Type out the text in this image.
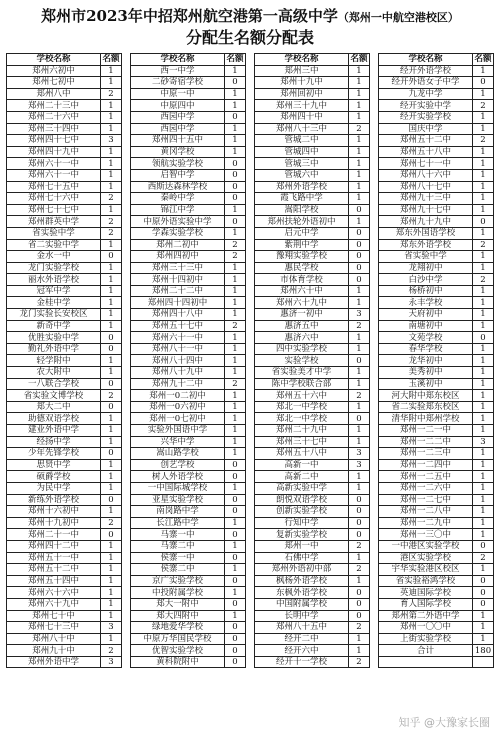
郑州市2023年中招郑州航空港第一高级中学（郑州一中航空港校区）
分配生名额分配表
学校名称	名额
郑州六初中	1
郑州七初中	1
郑州八中	2
郑州二十三中	1
郑州二十六中	1
郑州三十四中	1
郑州四十七中	3
郑州四十九中	1
郑州六十一中	1
郑州六十一中	1
郑州七十五中	1
郑州七十六中	2
郑州七十七中	1
郑州群英中学	2
省实验中学	2
省二实验中学	1
金水一中	0
龙门实验学校	1
丽水外语学校	1
冠军中学	1
金桂中学	1
龙门实验长安校区	1
新奇中学	1
优胜实验中学	0
勤礼外语中学	0
轻学附中	1
农大附中	1
一八联合学校	0
省实验文博学校	2
郑大二中	0
助德双语学校	1
建业外语中学	1
经扬中学	1
少年先锋学校	0
思贤中学	1
硕爵学校	1
为民中学	1
新练外语学校	0
郑州十六初中	1
郑州十九初中	2
郑州二十一中	0
郑州四十二中	1
郑州五十一中	1
郑州五十二中	1
郑州五十四中	1
郑州六十六中	1
郑州六十九中	1
郑州七十中	1
郑州七十三中	3
郑州八十中	1
郑州九十中	2
郑州外语中学	3
学校名称	名额
西一中学	1
二砂寄宿学校	0
中原一中	1
中原四中	1
西园中学	0
西园中学	1
郑州四十五中	1
黄冈学校	1
领航实验学校	0
启智中学	0
西斯达森林学校	0
秦岭中学	0
锦江中学	1
中原外语实验中学	0
学森实验学校	1
郑州二初中	2
郑州四初中	2
郑州三十三中	1
郑州十四初中	1
郑州二十二中	1
郑州四十四初中	1
郑州四十八中	1
郑州五十七中	2
郑州六十一中	1
郑州八十一中	1
郑州八十四中	1
郑州八十九中	1
郑州九十二中	2
郑州一0二初中	1
郑州一0六初中	1
郑州一0七初中	1
实验外国语中学	1
兴华中学	1
嵩山路学校	1
创艺学校	0
树人外语学校	0
一中国际城学校	1
亚星实验学校	0
南岗路中学	0
长江路中学	1
马寨一中	0
马寨二中	1
侯寨一中	0
侯寨二中	1
京广实验学校	0
中投附属学校	1
郑大一附中	0
郑大四附中	1
绿地爱华学校	0
中原万华国民学校	0
优智实验学校	0
黄科院附中	0
学校名称	名额
郑州三中	1
郑州十九中	1
郑州回初中	1
郑州三十九中	1
郑州四十中	1
郑州八十三中	2
管城二中	1
管城四中	1
管城三中	1
管城六中	1
郑州外语学校	1
霞飞路中学	1
嵩阳学校	0
郑州扶轮外语初中	1
启元中学	0
紫荆中学	0
豫翔实验学校	0
惠民学校	0
市体育学校	0
郑州六十中	1
郑州六十九中	1
惠济一初中	3
惠济五中	2
惠济六中	1
四中实验学校	1
实验学校	0
省实验美才中学	1
陈中学校联合部	1
郑州五十六中	2
郑北一中学校	1
郑北一中学校	0
郑州二十九中	1
郑州三十七中	1
郑州五十八中	3
高新一中	3
高新二中	1
高新实验中学	1
朗悦双语学校	0
创新实验学校	0
行知中学	0
复新实验学校	0
郑州一中	2
石佛中学	1
郑州外语初中部	2
枫杨外语学校	1
东枫外语学校	0
中国附属学校	0
长明中学	0
郑州八十五中	2
经开二中	1
经开六中	1
经开十一学校	2
学校名称	名额
经开外语学校	1
经开外语女子中学	0
九龙中学	1
经开实验中学	2
经开实验学校	1
国庆中学	1
郑州五十二中	2
郑州五十八中	1
郑州七十一中	1
郑州八十六中	1
郑州八十七中	1
郑州九十三中	1
郑州九十七中	1
郑州九十九中	0
郑东外国语学校	1
郑东外语学校	2
省实验中学	1
龙翔初中	1
白沙中学	2
杨桥初中	1
永丰学校	1
天府初中	1
南塘初中	1
文苑学校	0
春华学校	1
龙华初中	1
美秀初中	1
玉溪初中	1
河大附中郑东校区	1
省二实验郑东校区	1
清华附中郑州学校	1
郑州一二一中	1
郑州一二二中	3
郑州一二三中	1
郑州一二四中	1
郑州一二五中	1
郑州一二六中	1
郑州一二七中	1
郑州一二八中	1
郑州一二九中	1
郑州一三〇中	1
一中港区实验学校	0
港区实验学校	2
宇华实验港区校区	1
省实验裕鸿学校	0
英迪国际学校	0
育人国际学校	0
郑州第二外语中学	1
郑州一〇〇中	1
上街实验学校	1
合计	180

知乎 @大豫家长圈
